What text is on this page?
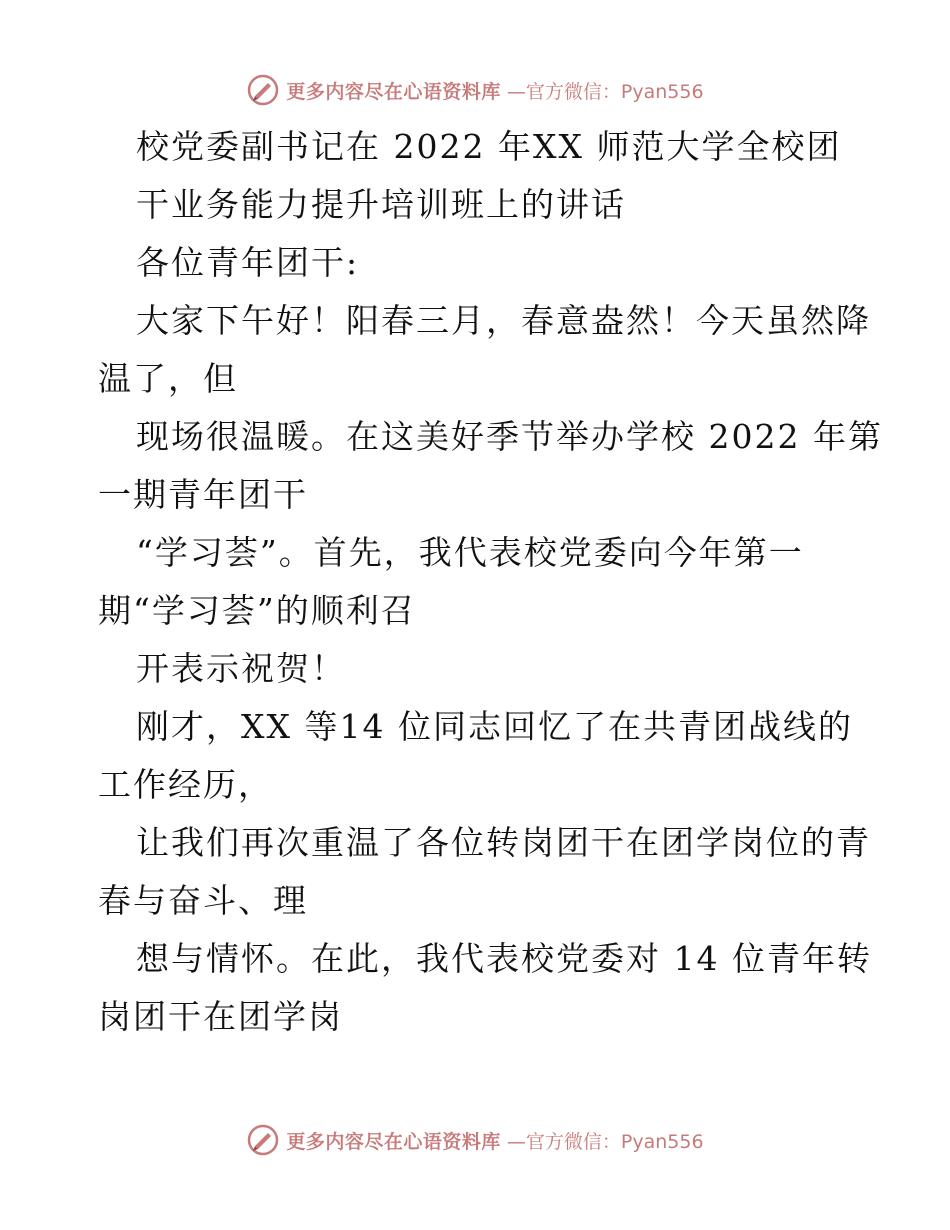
更多内容尽在心语资料库 —官方微信：Pyan556
校党委副书记在 2022 年XX 师范大学全校团
干业务能力提升培训班上的讲话
各位青年团干:
大家下午好！阳春三月，春意盎然！今天虽然降
温了，但
现场很温暖。在这美好季节举办学校 2022 年第
一期青年团干
“学习荟”。首先，我代表校党委向今年第一
期“学习荟”的顺利召
开表示祝贺！
刚才，XX 等14 位同志回忆了在共青团战线的
工作经历，
让我们再次重温了各位转岗团干在团学岗位的青
春与奋斗、理
想与情怀。在此，我代表校党委对 14 位青年转
岗团干在团学岗
更多内容尽在心语资料库 —官方微信：Pyan556
